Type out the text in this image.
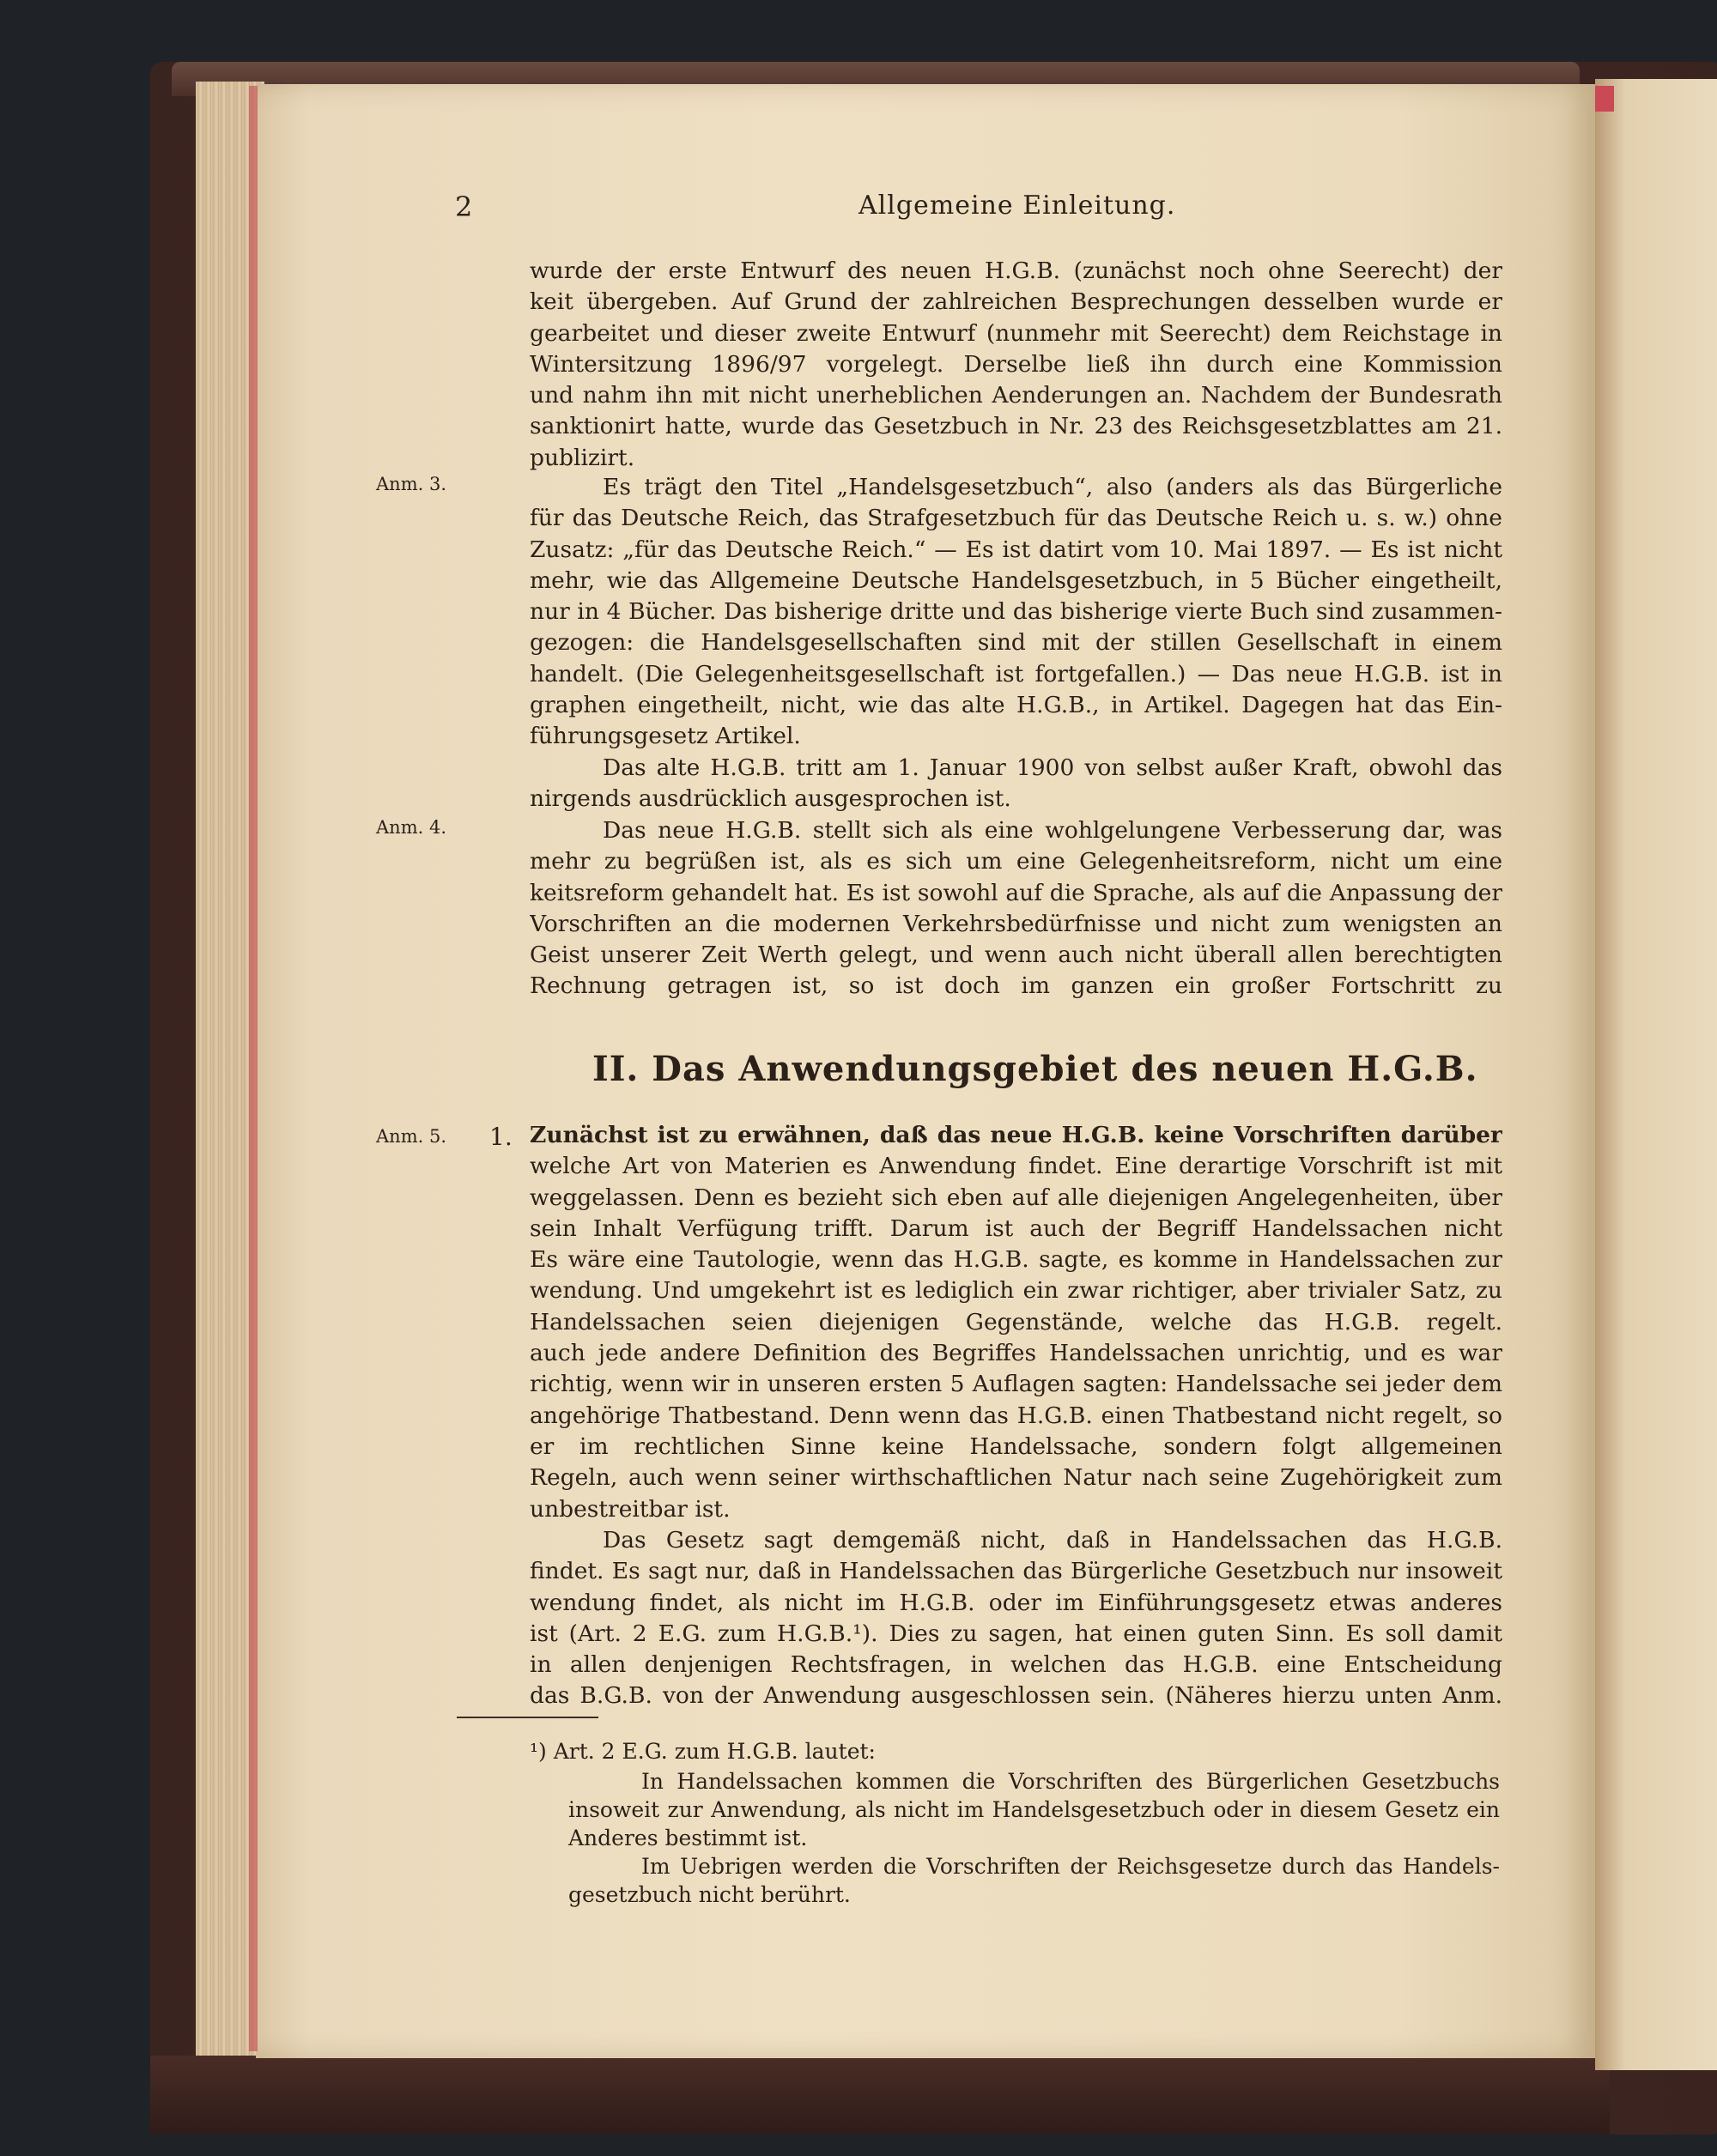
2	Allgemeine Einleitung.
wurde der erste Entwurf des neuen H.G.B. (zunächst noch ohne Seerecht) der
keit übergeben. Auf Grund der zahlreichen Besprechungen desselben wurde er
gearbeitet und dieser zweite Entwurf (nunmehr mit Seerecht) dem Reichstage in
Wintersitzung 1896/97 vorgelegt. Derselbe ließ ihn durch eine Kommission
und nahm ihn mit nicht unerheblichen Aenderungen an. Nachdem der Bundesrath
sanktionirt hatte, wurde das Gesetzbuch in Nr. 23 des Reichsgesetzblattes am 21.
publizirt.
Anm. 3.	Es trägt den Titel „Handelsgesetzbuch“, also (anders als das Bürgerliche
für das Deutsche Reich, das Strafgesetzbuch für das Deutsche Reich u. s. w.) ohne
Zusatz: „für das Deutsche Reich.“ — Es ist datirt vom 10. Mai 1897. — Es ist nicht
mehr, wie das Allgemeine Deutsche Handelsgesetzbuch, in 5 Bücher eingetheilt,
nur in 4 Bücher. Das bisherige dritte und das bisherige vierte Buch sind zusammen-
gezogen: die Handelsgesellschaften sind mit der stillen Gesellschaft in einem
handelt. (Die Gelegenheitsgesellschaft ist fortgefallen.) — Das neue H.G.B. ist in
graphen eingetheilt, nicht, wie das alte H.G.B., in Artikel. Dagegen hat das Ein-
führungsgesetz Artikel.
Das alte H.G.B. tritt am 1. Januar 1900 von selbst außer Kraft, obwohl das
nirgends ausdrücklich ausgesprochen ist.
Anm. 4.	Das neue H.G.B. stellt sich als eine wohlgelungene Verbesserung dar, was
mehr zu begrüßen ist, als es sich um eine Gelegenheitsreform, nicht um eine
keitsreform gehandelt hat. Es ist sowohl auf die Sprache, als auf die Anpassung der
Vorschriften an die modernen Verkehrsbedürfnisse und nicht zum wenigsten an
Geist unserer Zeit Werth gelegt, und wenn auch nicht überall allen berechtigten
Rechnung getragen ist, so ist doch im ganzen ein großer Fortschritt zu
II. Das Anwendungsgebiet des neuen H.G.B.
Anm. 5. 1. Zunächst ist zu erwähnen, daß das neue H.G.B. keine Vorschriften darüber
welche Art von Materien es Anwendung findet. Eine derartige Vorschrift ist mit
weggelassen. Denn es bezieht sich eben auf alle diejenigen Angelegenheiten, über
sein Inhalt Verfügung trifft. Darum ist auch der Begriff Handelssachen nicht
Es wäre eine Tautologie, wenn das H.G.B. sagte, es komme in Handelssachen zur
wendung. Und umgekehrt ist es lediglich ein zwar richtiger, aber trivialer Satz, zu
Handelssachen seien diejenigen Gegenstände, welche das H.G.B. regelt.
auch jede andere Definition des Begriffes Handelssachen unrichtig, und es war
richtig, wenn wir in unseren ersten 5 Auflagen sagten: Handelssache sei jeder dem
angehörige Thatbestand. Denn wenn das H.G.B. einen Thatbestand nicht regelt, so
er im rechtlichen Sinne keine Handelssache, sondern folgt allgemeinen
Regeln, auch wenn seiner wirthschaftlichen Natur nach seine Zugehörigkeit zum
unbestreitbar ist.
Das Gesetz sagt demgemäß nicht, daß in Handelssachen das H.G.B.
findet. Es sagt nur, daß in Handelssachen das Bürgerliche Gesetzbuch nur insoweit
wendung findet, als nicht im H.G.B. oder im Einführungsgesetz etwas anderes
ist (Art. 2 E.G. zum H.G.B.¹). Dies zu sagen, hat einen guten Sinn. Es soll damit
in allen denjenigen Rechtsfragen, in welchen das H.G.B. eine Entscheidung
das B.G.B. von der Anwendung ausgeschlossen sein. (Näheres hierzu unten Anm.
¹) Art. 2 E.G. zum H.G.B. lautet:
In Handelssachen kommen die Vorschriften des Bürgerlichen Gesetzbuchs
insoweit zur Anwendung, als nicht im Handelsgesetzbuch oder in diesem Gesetz ein
Anderes bestimmt ist.
Im Uebrigen werden die Vorschriften der Reichsgesetze durch das Handels-
gesetzbuch nicht berührt.
